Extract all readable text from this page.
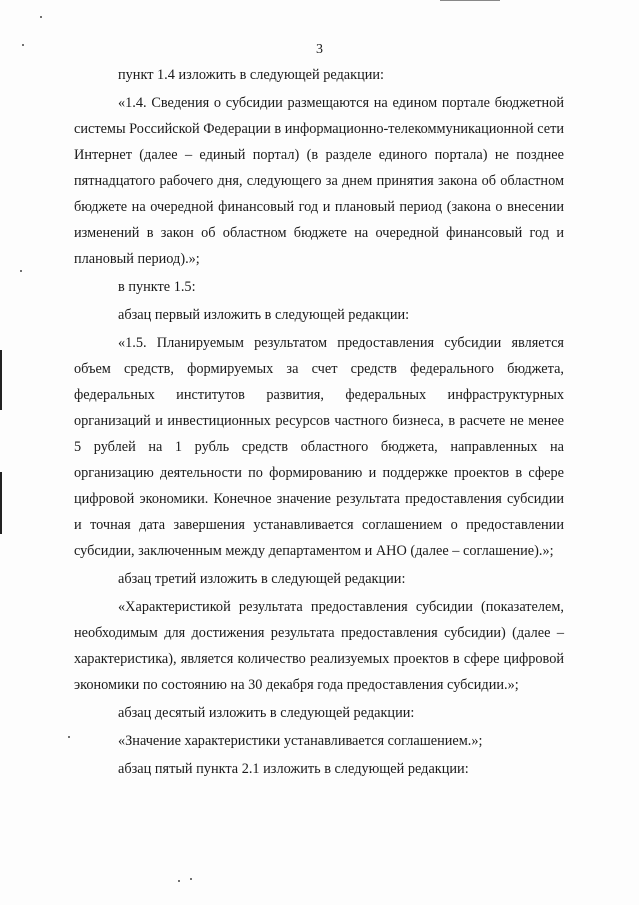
3

пункт 1.4 изложить в следующей редакции:

«1.4. Сведения о субсидии размещаются на едином портале бюджетной системы Российской Федерации в информационно-телекоммуникационной сети Интернет (далее – единый портал) (в разделе единого портала) не позднее пятнадцатого рабочего дня, следующего за днем принятия закона об областном бюджете на очередной финансовый год и плановый период (закона о внесении изменений в закон об областном бюджете на очередной финансовый год и плановый период).»;

в пункте 1.5:

абзац первый изложить в следующей редакции:

«1.5. Планируемым результатом предоставления субсидии является объем средств, формируемых за счет средств федерального бюджета, федеральных институтов развития, федеральных инфраструктурных организаций и инвестиционных ресурсов частного бизнеса, в расчете не менее 5 рублей на 1 рубль средств областного бюджета, направленных на организацию деятельности по формированию и поддержке проектов в сфере цифровой экономики. Конечное значение результата предоставления субсидии и точная дата завершения устанавливается соглашением о предоставлении субсидии, заключенным между департаментом и АНО (далее – соглашение).»;

абзац третий изложить в следующей редакции:

«Характеристикой результата предоставления субсидии (показателем, необходимым для достижения результата предоставления субсидии) (далее – характеристика), является количество реализуемых проектов в сфере цифровой экономики по состоянию на 30 декабря года предоставления субсидии.»;

абзац десятый изложить в следующей редакции:

«Значение характеристики устанавливается соглашением.»;

абзац пятый пункта 2.1 изложить в следующей редакции:
